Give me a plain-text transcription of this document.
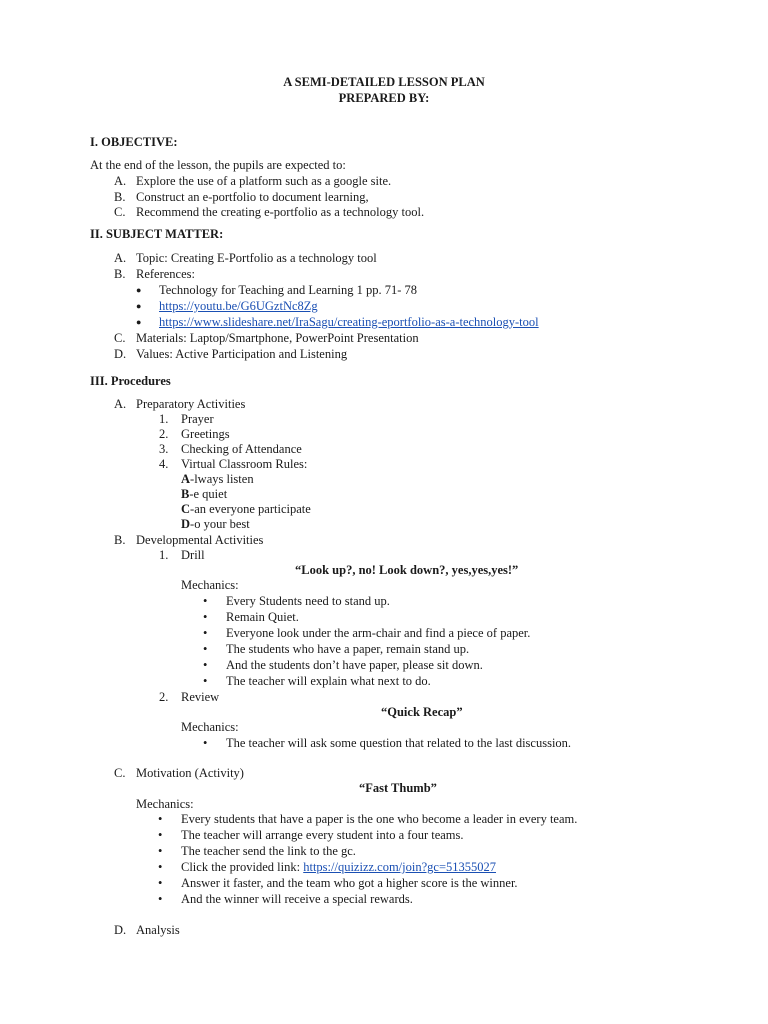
A SEMI-DETAILED LESSON PLAN
PREPARED BY:
I. OBJECTIVE:
At the end of the lesson, the pupils are expected to:
A. Explore the use of a platform such as a google site.
B. Construct an e-portfolio to document learning,
C. Recommend the creating e-portfolio as a technology tool.
II. SUBJECT MATTER:
A. Topic: Creating E-Portfolio as a technology tool
B. References:
● Technology for Teaching and Learning 1 pp. 71- 78
● https://youtu.be/G6UGztNc8Zg
● https://www.slideshare.net/IraSagu/creating-eportfolio-as-a-technology-tool
C. Materials: Laptop/Smartphone, PowerPoint Presentation
D. Values: Active Participation and Listening
III. Procedures
A. Preparatory Activities
1. Prayer
2. Greetings
3. Checking of Attendance
4. Virtual Classroom Rules:
A-lways listen
B-e quiet
C-an everyone participate
D-o your best
B. Developmental Activities
1. Drill
“Look up?, no! Look down?, yes,yes,yes!”
Mechanics:
• Every Students need to stand up.
• Remain Quiet.
• Everyone look under the arm-chair and find a piece of paper.
• The students who have a paper, remain stand up.
• And the students don’t have paper, please sit down.
• The teacher will explain what next to do.
2. Review
“Quick Recap”
Mechanics:
• The teacher will ask some question that related to the last discussion.
C. Motivation (Activity)
“Fast Thumb”
Mechanics:
• Every students that have a paper is the one who become a leader in every team.
• The teacher will arrange every student into a four teams.
• The teacher send the link to the gc.
• Click the provided link: https://quizizz.com/join?gc=51355027
• Answer it faster, and the team who got a higher score is the winner.
• And the winner will receive a special rewards.
D. Analysis
